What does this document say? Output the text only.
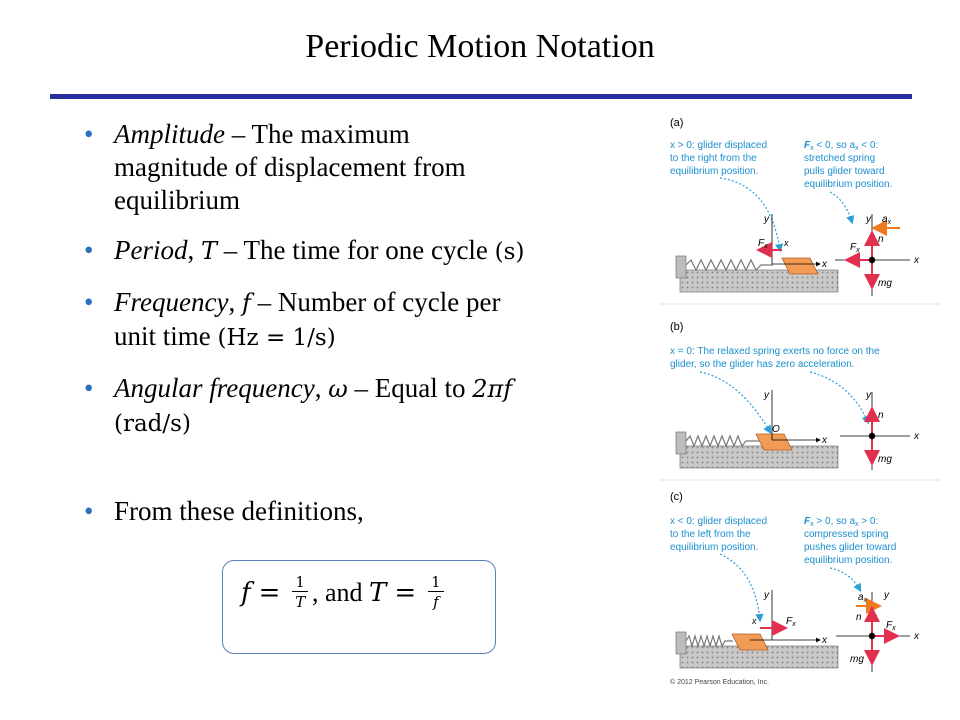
Periodic Motion Notation
• Amplitude – The maximum
magnitude of displacement from
equilibrium
• Period, T – The time for one cycle (s)
• Frequency, f – Number of cycle per
unit time (Hz = 1/s)
• Angular frequency, ω – Equal to 2πf
(rad/s)
• From these definitions,
$f = \frac{1}{T}$ , and $T = \frac{1}{f}$
(a)
x > 0: glider displaced
to the right from the
equilibrium position.
$F_x < 0$, so $a_x < 0$:
stretched spring
pulls glider toward
equilibrium position.
y
x
$F_x$ x
y
x
$a_x$
n
mg
$F_x$
(b)
x = 0: The relaxed spring exerts no force on the
glider, so the glider has zero acceleration.
y
x
O
y
x
n
mg
(c)
x < 0: glider displaced
to the left from the
equilibrium position.
$F_x > 0$, so $a_x > 0$:
compressed spring
pushes glider toward
equilibrium position.
y
x
x	$F_x$
y
x
$a_x$
n
mg
$F_x$
© 2012 Pearson Education, Inc.
